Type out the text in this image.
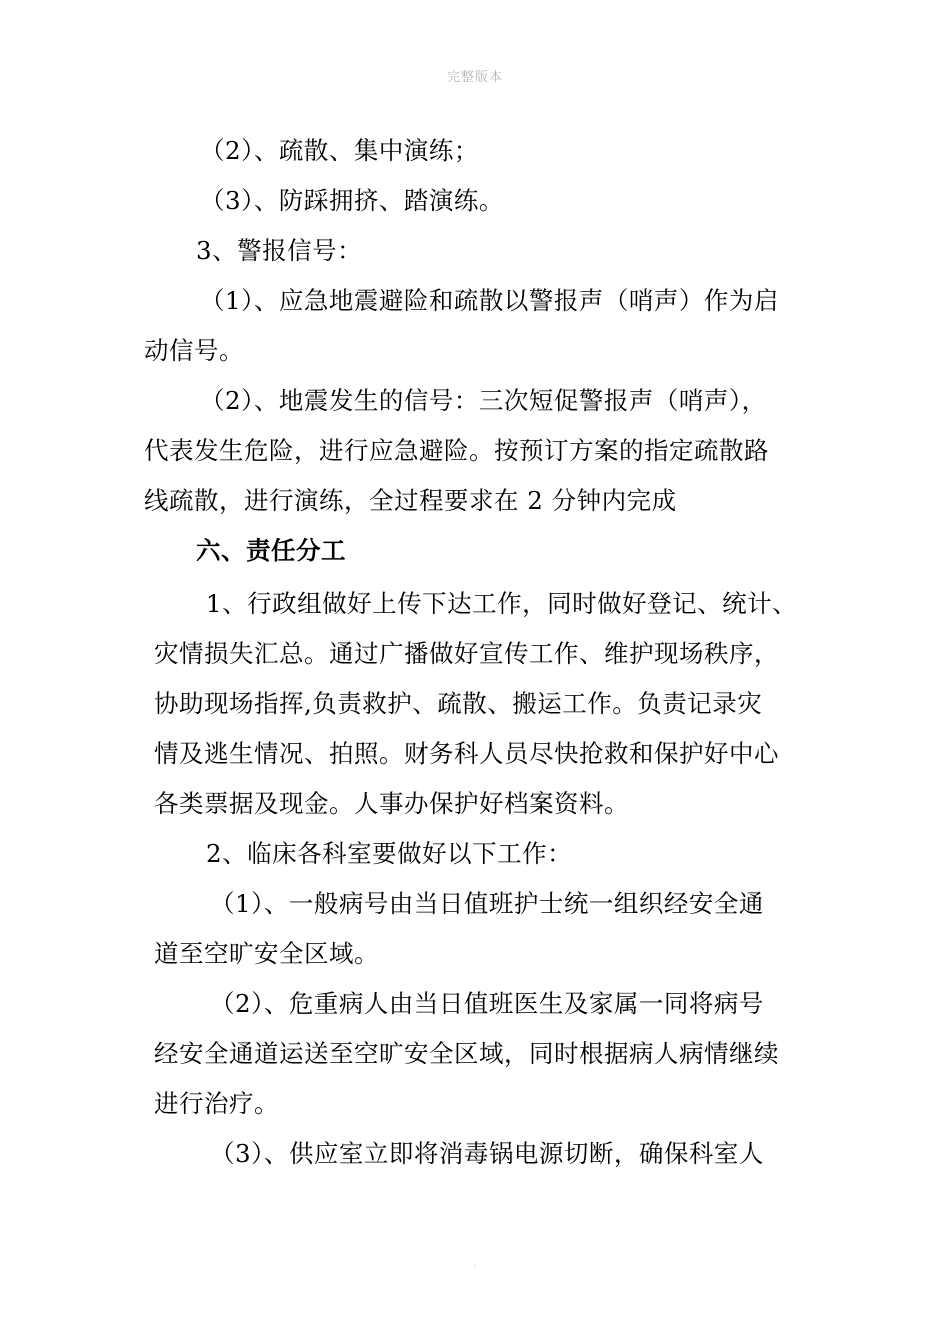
完整版本
（2）、疏散、集中演练；
（3）、防踩拥挤、踏演练。
3、警报信号：
（1）、应急地震避险和疏散以警报声（哨声）作为启
动信号。
（2）、地震发生的信号：三次短促警报声（哨声），
代表发生危险，进行应急避险。按预订方案的指定疏散路
线疏散，进行演练，全过程要求在 2 分钟内完成
六、责任分工
1、行政组做好上传下达工作，同时做好登记、统计、
灾情损失汇总。通过广播做好宣传工作、维护现场秩序，
协助现场指挥,负责救护、疏散、搬运工作。负责记录灾
情及逃生情况、拍照。财务科人员尽快抢救和保护好中心
各类票据及现金。人事办保护好档案资料。
2、临床各科室要做好以下工作：
（1）、一般病号由当日值班护士统一组织经安全通
道至空旷安全区域。
（2）、危重病人由当日值班医生及家属一同将病号
经安全通道运送至空旷安全区域，同时根据病人病情继续
进行治疗。
（3）、供应室立即将消毒锅电源切断，确保科室人
.
